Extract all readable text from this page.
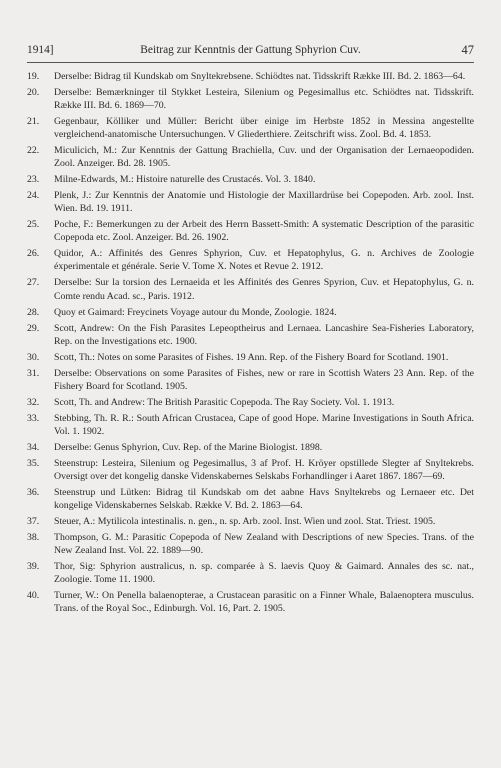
1914]	Beitrag zur Kenntnis der Gattung Sphyrion Cuv.	47
19. Derselbe: Bidrag til Kundskab om Snyltekrebsene. Schiödtes nat. Tidsskrift Række III. Bd. 2. 1863—64.
20. Derselbe: Bemærkninger til Stykket Lesteira, Silenium og Pegesimallus etc. Schiödtes nat. Tidsskrift. Række III. Bd. 6. 1869—70.
21. Gegenbaur, Kölliker und Müller: Bericht über einige im Herbste 1852 in Messina angestellte vergleichend-anatomische Untersuchungen. V Gliederthiere. Zeitschrift wiss. Zool. Bd. 4. 1853.
22. Miculicich, M.: Zur Kenntnis der Gattung Brachiella, Cuv. und der Organisation der Lernaeopodiden. Zool. Anzeiger. Bd. 28. 1905.
23. Milne-Edwards, M.: Histoire naturelle des Crustacés. Vol. 3. 1840.
24. Plenk, J.: Zur Kenntnis der Anatomie und Histologie der Maxillardrüse bei Copepoden. Arb. zool. Inst. Wien. Bd. 19. 1911.
25. Poche, F.: Bemerkungen zu der Arbeit des Herrn Bassett-Smith: A systematic Description of the parasitic Copepoda etc. Zool. Anzeiger. Bd. 26. 1902.
26. Quidor, A.: Affinités des Genres Sphyrion, Cuv. et Hepatophylus, G. n. Archives de Zoologie éxperimentale et générale. Serie V. Tome X. Notes et Revue 2. 1912.
27. Derselbe: Sur la torsion des Lernaeida et les Affinités des Genres Spyrion, Cuv. et Hepatophylus, G. n. Comte rendu Acad. sc., Paris. 1912.
28. Quoy et Gaimard: Freycinets Voyage autour du Monde, Zoologie. 1824.
29. Scott, Andrew: On the Fish Parasites Lepeoptheirus and Lernaea. Lancashire Sea-Fisheries Laboratory, Rep. on the Investigations etc. 1900.
30. Scott, Th.: Notes on some Parasites of Fishes. 19 Ann. Rep. of the Fishery Board for Scotland. 1901.
31. Derselbe: Observations on some Parasites of Fishes, new or rare in Scottish Waters 23 Ann. Rep. of the Fishery Board for Scotland. 1905.
32. Scott, Th. and Andrew: The British Parasitic Copepoda. The Ray Society. Vol. 1. 1913.
33. Stebbing, Th. R. R.: South African Crustacea, Cape of good Hope. Marine Investigations in South Africa. Vol. 1. 1902.
34. Derselbe: Genus Sphyrion, Cuv. Rep. of the Marine Biologist. 1898.
35. Steenstrup: Lesteira, Silenium og Pegesimallus, 3 af Prof. H. Kröyer opstillede Slegter af Snyltekrebs. Oversigt over det kongelig danske Videnskabernes Selskabs Forhandlinger i Aaret 1867. 1867—69.
36. Steenstrup und Lütken: Bidrag til Kundskab om det aabne Havs Snyltekrebs og Lernaeer etc. Det kongelige Videnskabernes Selskab. Række V. Bd. 2. 1863—64.
37. Steuer, A.: Mytilicola intestinalis. n. gen., n. sp. Arb. zool. Inst. Wien und zool. Stat. Triest. 1905.
38. Thompson, G. M.: Parasitic Copepoda of New Zealand with Descriptions of new Species. Trans. of the New Zealand Inst. Vol. 22. 1889—90.
39. Thor, Sig: Sphyrion australicus, n. sp. comparée à S. laevis Quoy & Gaimard. Annales des sc. nat., Zoologie. Tome 11. 1900.
40. Turner, W.: On Penella balaenopterae, a Crustacean parasitic on a Finner Whale, Balaenoptera musculus. Trans. of the Royal Soc., Edinburgh. Vol. 16, Part. 2. 1905.
